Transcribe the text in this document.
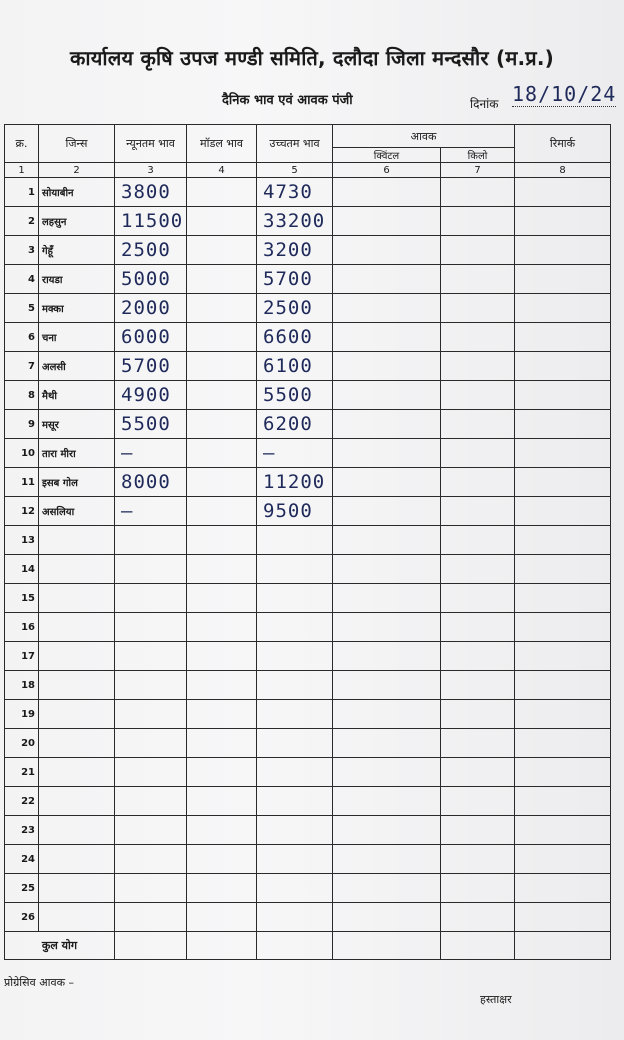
कार्यालय कृषि उपज मण्डी समिति, दलौदा जिला मन्दसौर (म.प्र.)
दैनिक भाव एवं आवक पंजी	दिनांक 18/10/24
क्र.	जिन्स	न्यूनतम भाव	मॉडल भाव	उच्चतम भाव	आवक		रिमार्क
					क्विंटल	किलो	
1	2	3	4	5	6	7	8
1	सोयाबीन	3800		4730			
2	लहसुन	11500		33200			
3	गेहूँ	2500		3200			
4	रायडा	5000		5700			
5	मक्का	2000		2500			
6	चना	6000		6600			
7	अलसी	5700		6100			
8	मैथी	4900		5500			
9	मसूर	5500		6200			
10	तारा मीरा	–		–			
11	इसब गोल	8000		11200			
12	असलिया	–		9500			
13							
14							
15							
16							
17							
18							
19							
20							
21							
22							
23							
24							
25							
26							
कुल योग							
प्रोग्रेसिव आवक –
हस्ताक्षर
